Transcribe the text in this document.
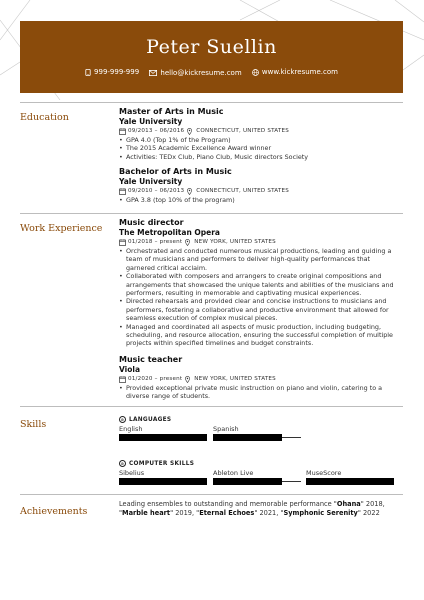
Peter Suellin
999-999-999
	hello@kickresume.com
	www.kickresume.com
Education
Master of Arts in Music
Yale University
09/2013 – 06/2016 CONNECTICUT, UNITED STATES
• GPA 4.0 (Top 1% of the Program)
• The 2015 Academic Excellence Award winner
• Activities: TEDx Club, Piano Club, Music directors Society
Bachelor of Arts in Music
Yale University
09/2010 – 06/2013 CONNECTICUT, UNITED STATES
• GPA 3.8 (top 10% of the program)
Work Experience
Music director
The Metropolitan Opera
01/2018 – present NEW YORK, UNITED STATES
• Orchestrated and conducted numerous musical productions, leading and guiding a team of musicians and performers to deliver high-quality performances that garnered critical acclaim.
• Collaborated with composers and arrangers to create original compositions and arrangements that showcased the unique talents and abilities of the musicians and performers, resulting in memorable and captivating musical experiences.
• Directed rehearsals and provided clear and concise instructions to musicians and performers, fostering a collaborative and productive environment that allowed for seamless execution of complex musical pieces.
• Managed and coordinated all aspects of music production, including budgeting, scheduling, and resource allocation, ensuring the successful completion of multiple projects within specified timelines and budget constraints.
Music teacher
Viola
01/2020 – present NEW YORK, UNITED STATES
• Provided exceptional private music instruction on piano and violin, catering to a diverse range of students.
Skills	⊙ LANGUAGES
English	Spanish
⊙ COMPUTER SKILLS
Sibelius	Ableton Live	MuseScore
Achievements
Leading ensembles to outstanding and memorable performance "Ohana" 2018, "Marble heart" 2019, "Eternal Echoes" 2021, "Symphonic Serenity" 2022
